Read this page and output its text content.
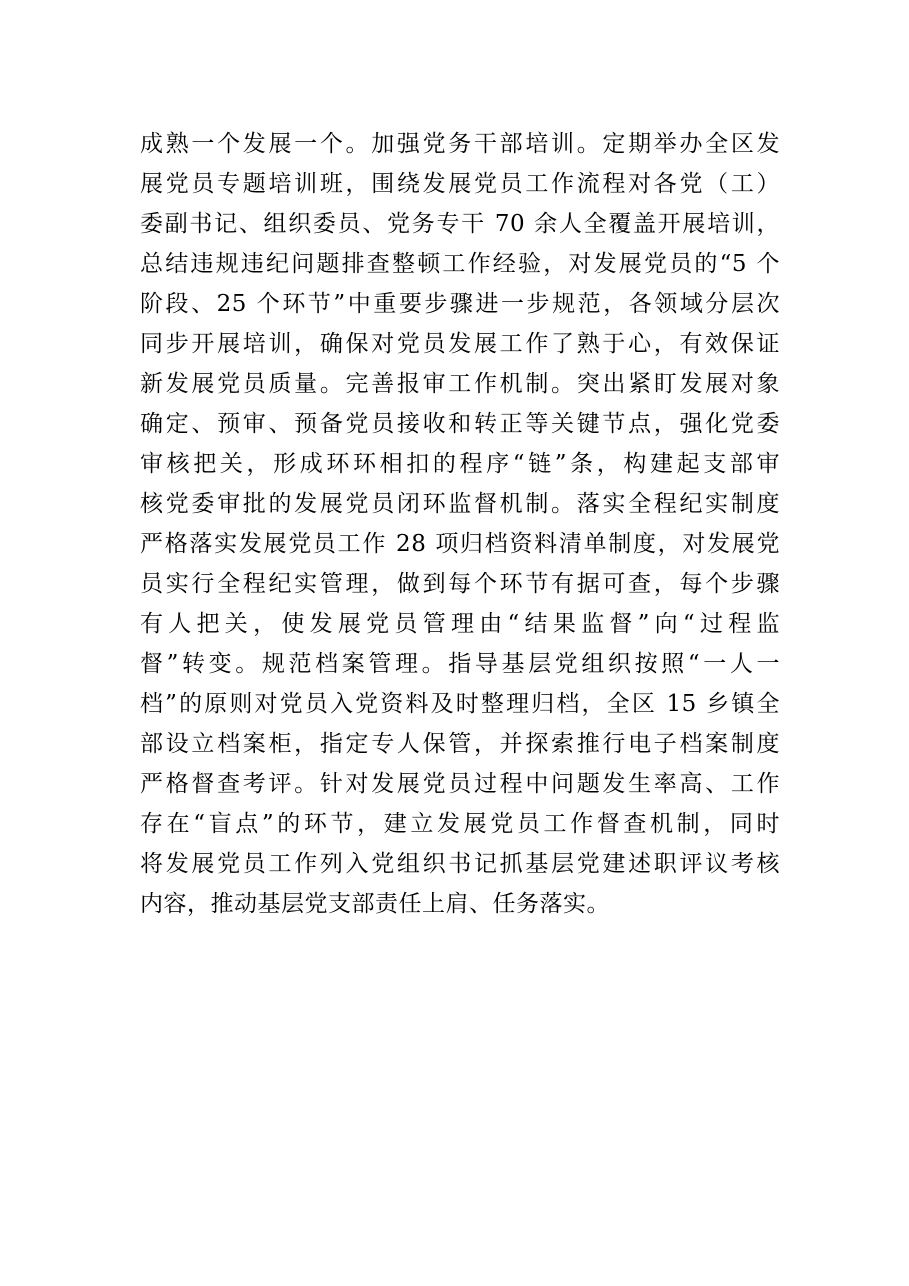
成熟一个发展一个。加强党务干部培训。定期举办全区发
展党员专题培训班，围绕发展党员工作流程对各党（工）
委副书记、组织委员、党务专干 70 余人全覆盖开展培训，
总结违规违纪问题排查整顿工作经验，对发展党员的“5 个
阶段、25 个环节”中重要步骤进一步规范，各领域分层次
同步开展培训，确保对党员发展工作了熟于心，有效保证
新发展党员质量。完善报审工作机制。突出紧盯发展对象
确定、预审、预备党员接收和转正等关键节点，强化党委
审核把关，形成环环相扣的程序“链”条，构建起支部审
核党委审批的发展党员闭环监督机制。落实全程纪实制度
严格落实发展党员工作 28 项归档资料清单制度，对发展党
员实行全程纪实管理，做到每个环节有据可查，每个步骤
有人把关，使发展党员管理由“结果监督”向“过程监
督”转变。规范档案管理。指导基层党组织按照“一人一
档”的原则对党员入党资料及时整理归档，全区 15 乡镇全
部设立档案柜，指定专人保管，并探索推行电子档案制度
严格督查考评。针对发展党员过程中问题发生率高、工作
存在“盲点”的环节，建立发展党员工作督查机制，同时
将发展党员工作列入党组织书记抓基层党建述职评议考核
内容，推动基层党支部责任上肩、任务落实。
